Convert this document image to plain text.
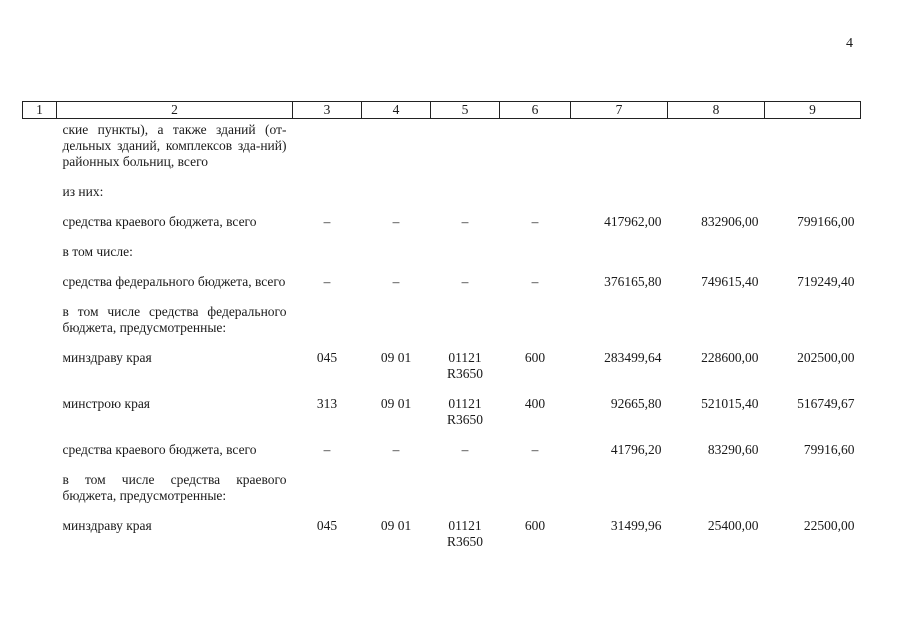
4
1	2	3	4	5	6	7	8	9
	ские пункты), а также зданий (от-дельных зданий, комплексов зда-ний) районных больниц, всего							
	из них:							
	средства краевого бюджета, всего	–	–	–	–	417962,00	832906,00	799166,00
	в том числе:							
	средства федерального бюджета, всего	–	–	–	–	376165,80	749615,40	719249,40
	в том числе средства федерального бюджета, предусмотренные:							
	минздраву края	045	09 01	01121 R3650	600	283499,64	228600,00	202500,00
	минстрою края	313	09 01	01121 R3650	400	92665,80	521015,40	516749,67
	средства краевого бюджета, всего	–	–	–	–	41796,20	83290,60	79916,60
	в том числе средства краевого бюджета, предусмотренные:							
	минздраву края	045	09 01	01121 R3650	600	31499,96	25400,00	22500,00
